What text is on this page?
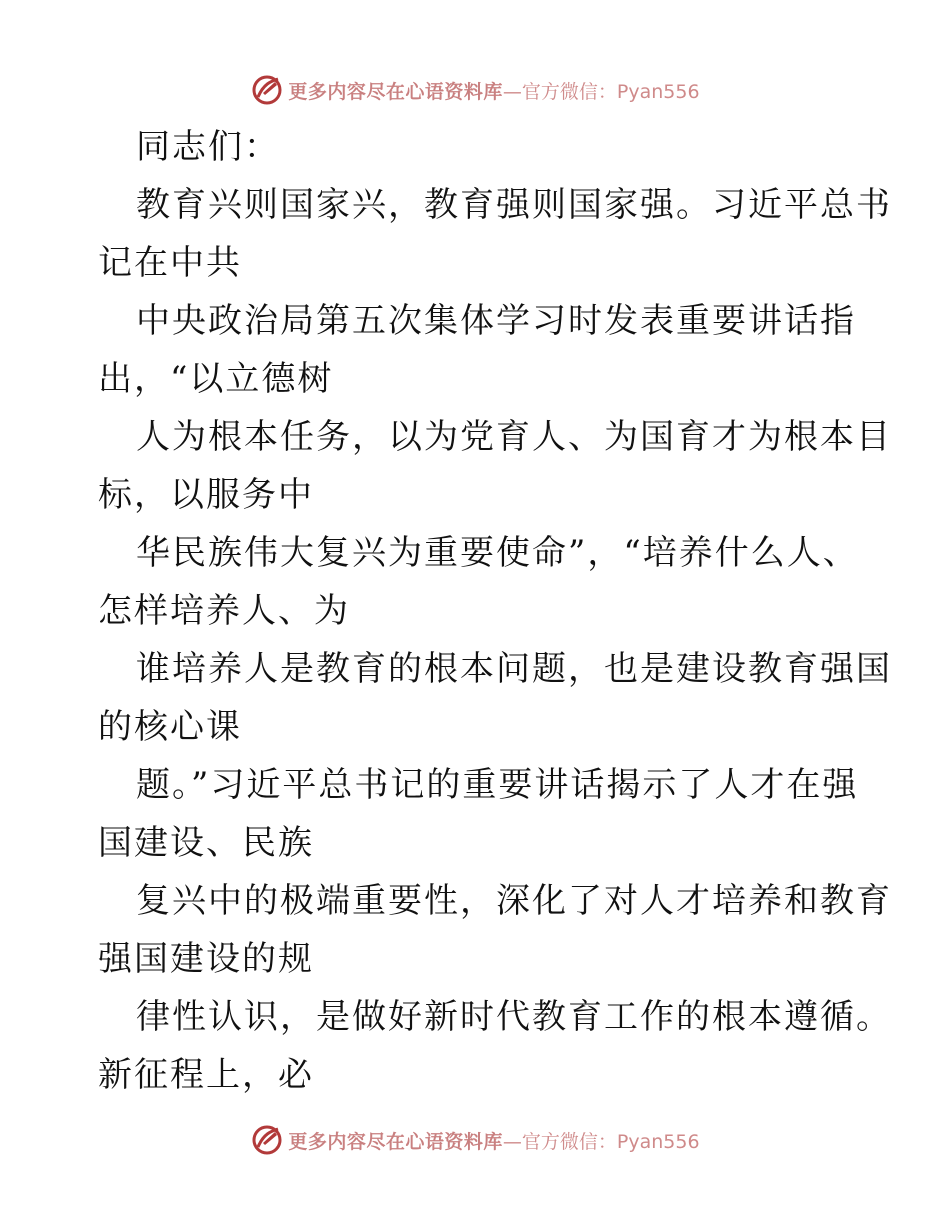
更多内容尽在心语资料库 —官方微信：Pyan556
同志们：
教育兴则国家兴，教育强则国家强。习近平总书
记在中共
中央政治局第五次集体学习时发表重要讲话指
出，“以立德树
人为根本任务，以为党育人、为国育才为根本目
标，以服务中
华民族伟大复兴为重要使命”，“培养什么人、
怎样培养人、为
谁培养人是教育的根本问题，也是建设教育强国
的核心课
题。”习近平总书记的重要讲话揭示了人才在强
国建设、民族
复兴中的极端重要性，深化了对人才培养和教育
强国建设的规
律性认识，是做好新时代教育工作的根本遵循。
新征程上，必
更多内容尽在心语资料库 —官方微信：Pyan556
